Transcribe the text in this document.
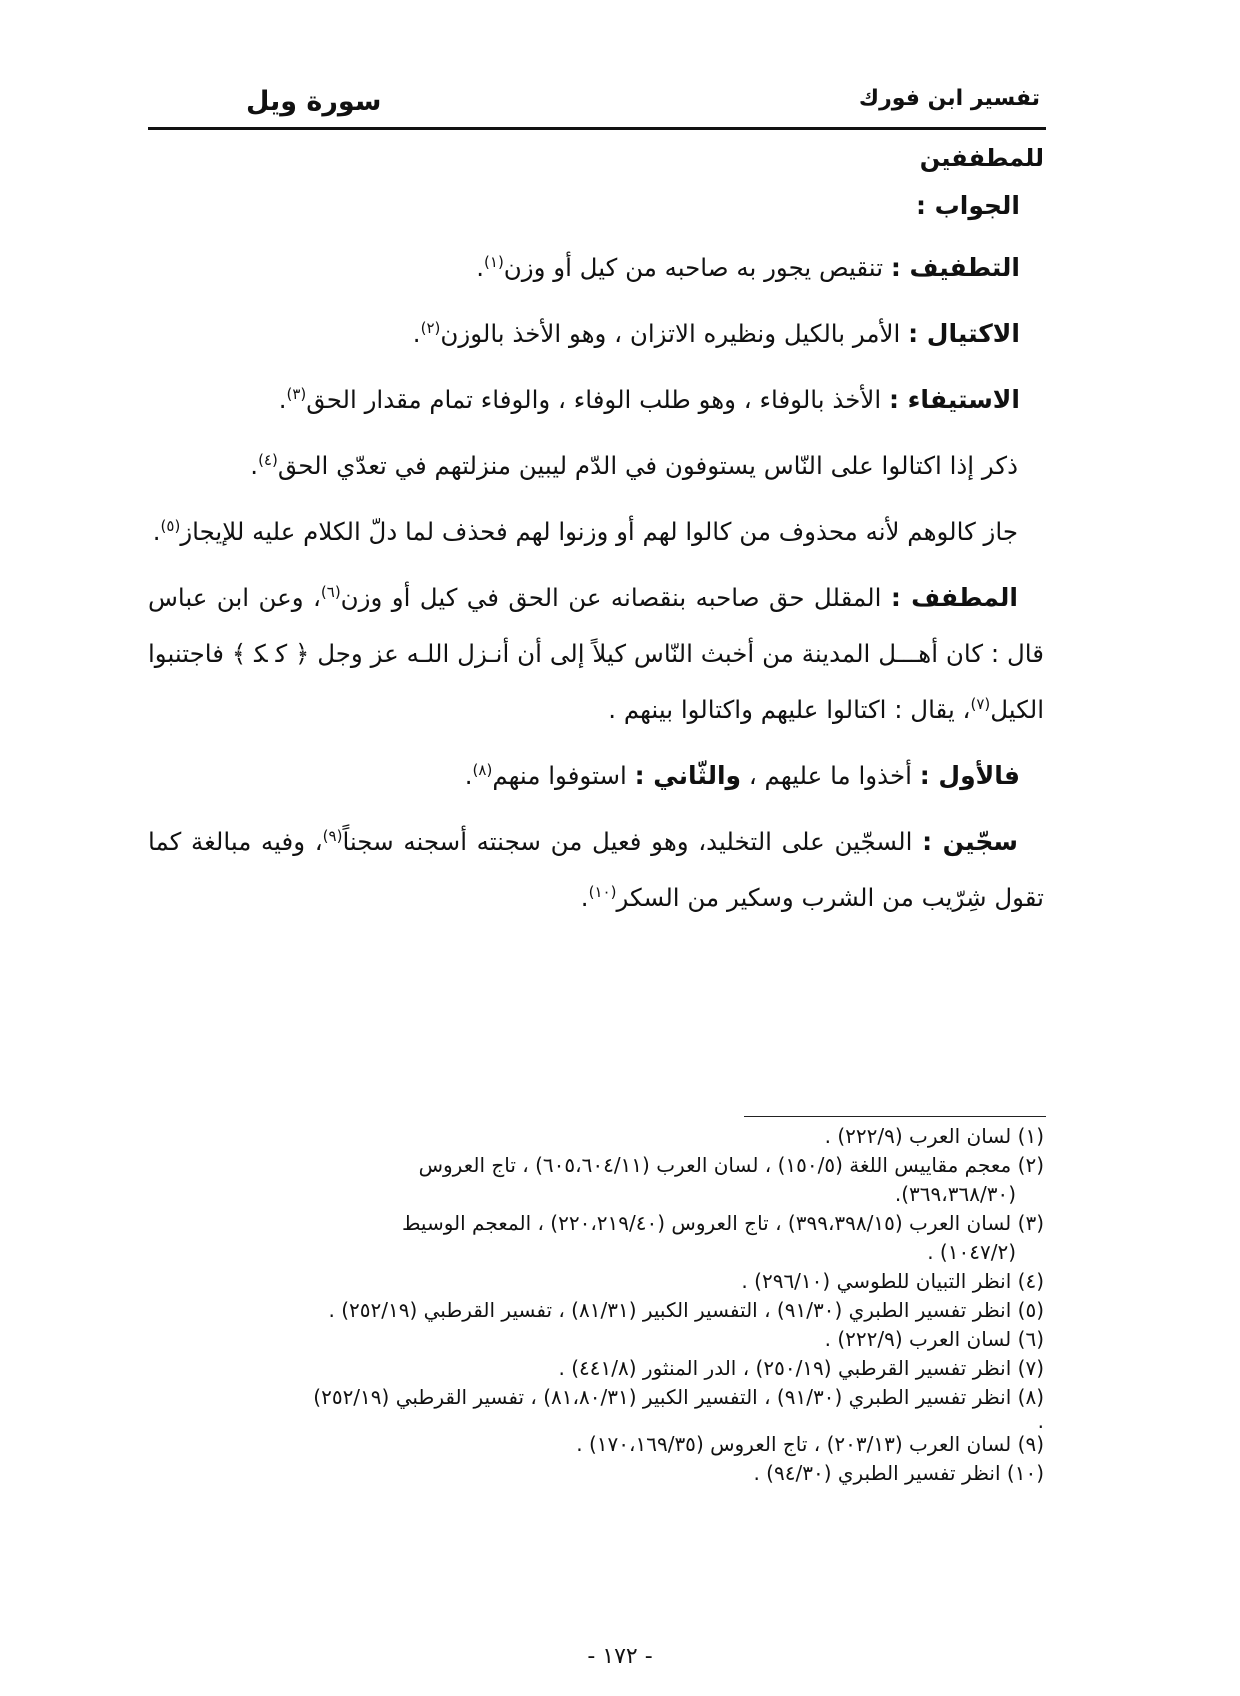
تفسير ابن فورك
سورة ويل
للمطففين

الجواب :

التطفيف : تنقيص يجور به صاحبه من كيل أو وزن$^{(١)}$.

الاكتيال : الأمر بالكيل ونظيره الاتزان ، وهو الأخذ بالوزن$^{(٢)}$.

الاستيفاء : الأخذ بالوفاء ، وهو طلب الوفاء ، والوفاء تمام مقدار الحق$^{(٣)}$.

ذكر إذا اكتالوا على النّاس يستوفون في الدّم ليبين منزلتهم في تعدّي الحق$^{(٤)}$.

جاز كالوهم لأنه محذوف من كالوا لهم أو وزنوا لهم فحذف لما دلّ الكلام عليه للإيجاز$^{(٥)}$.

المطفف : المقلل حق صاحبه بنقصانه عن الحق في كيل أو وزن$^{(٦)}$، وعن ابن عباس قال : كان أهـــل المدينة من أخبث النّاس كيلاً إلى أن أنـزل اللـه عز وجل ﴿ ﮐ ﮑ ﴾ فاجتنبوا الكيل$^{(٧)}$، يقال : اكتالوا عليهم واكتالوا بينهم .

فالأول : أخذوا ما عليهم ، والثّاني : استوفوا منهم$^{(٨)}$.

سجّين : السجّين على التخليد، وهو فعيل من سجنته أسجنه سجناً$^{(٩)}$، وفيه مبالغة كما تقول شِرّيب من الشرب وسكير من السكر$^{(١٠)}$.

(١) لسان العرب (٢٢٢/٩) .
(٢) معجم مقاييس اللغة (١٥٠/٥) ، لسان العرب (٦٠٥،٦٠٤/١١) ، تاج العروس
(٣٦٩،٣٦٨/٣٠).
(٣) لسان العرب (٣٩٩،٣٩٨/١٥) ، تاج العروس (٢٢٠،٢١٩/٤٠) ، المعجم الوسيط
(١٠٤٧/٢) .
(٤) انظر التبيان للطوسي (٢٩٦/١٠) .
(٥) انظر تفسير الطبري (٩١/٣٠) ، التفسير الكبير (٨١/٣١) ، تفسير القرطبي (٢٥٢/١٩) .
(٦) لسان العرب (٢٢٢/٩) .
(٧) انظر تفسير القرطبي (٢٥٠/١٩) ، الدر المنثور (٤٤١/٨) .
(٨) انظر تفسير الطبري (٩١/٣٠) ، التفسير الكبير (٨١،٨٠/٣١) ، تفسير القرطبي (٢٥٢/١٩)
.
(٩) لسان العرب (٢٠٣/١٣) ، تاج العروس (١٧٠،١٦٩/٣٥) .
(١٠) انظر تفسير الطبري (٩٤/٣٠) .
- ١٧٢ -
